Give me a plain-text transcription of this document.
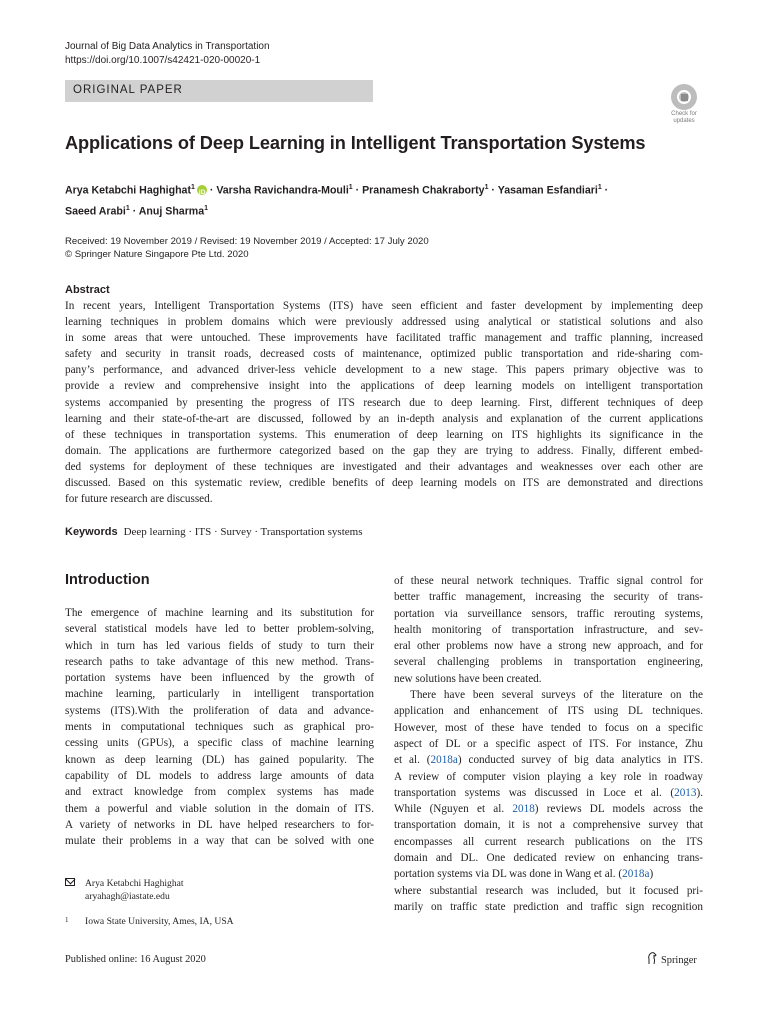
Journal of Big Data Analytics in Transportation
https://doi.org/10.1007/s42421-020-00020-1
ORIGINAL PAPER
Check for
updates
Applications of Deep Learning in Intelligent Transportation Systems
Arya Ketabchi Haghighat$^1$
iD · Varsha Ravichandra-Mouli$^1$ · Pranamesh Chakraborty$^1$ · Yasaman Esfandiari$^1$ ·
Saeed Arabi$^1$ · Anuj Sharma$^1$
Received: 19 November 2019 / Revised: 19 November 2019 / Accepted: 17 July 2020
© Springer Nature Singapore Pte Ltd. 2020
Abstract
In recent years, Intelligent Transportation Systems (ITS) have seen efficient and faster development by implementing deep
learning techniques in problem domains which were previously addressed using analytical or statistical solutions and also
in some areas that were untouched. These improvements have facilitated traffic management and traffic planning, increased
safety and security in transit roads, decreased costs of maintenance, optimized public transportation and ride-sharing com-
pany’s performance, and advanced driver-less vehicle development to a new stage. This papers primary objective was to
provide a review and comprehensive insight into the applications of deep learning models on intelligent transportation
systems accompanied by presenting the progress of ITS research due to deep learning. First, different techniques of deep
learning and their state-of-the-art are discussed, followed by an in-depth analysis and explanation of the current applications
of these techniques in transportation systems. This enumeration of deep learning on ITS highlights its significance in the
domain. The applications are furthermore categorized based on the gap they are trying to address. Finally, different embed-
ded systems for deployment of these techniques are investigated and their advantages and weaknesses over each other are
discussed. Based on this systematic review, credible benefits of deep learning models on ITS are demonstrated and directions
for future research are discussed.
Keywords Deep learning · ITS · Survey · Transportation systems
Introduction
The emergence of machine learning and its substitution for
several statistical models have led to better problem-solving,
which in turn has led various fields of study to turn their
research paths to take advantage of this new method. Trans-
portation systems have been influenced by the growth of
machine learning, particularly in intelligent transportation
systems (ITS).With the proliferation of data and advance-
ments in computational techniques such as graphical pro-
cessing units (GPUs), a specific class of machine learning
known as deep learning (DL) has gained popularity. The
capability of DL models to address large amounts of data
and extract knowledge from complex systems has made
them a powerful and viable solution in the domain of ITS.
A variety of networks in DL have helped researchers to for-
mulate their problems in a way that can be solved with one
of these neural network techniques. Traffic signal control for
better traffic management, increasing the security of trans-
portation via surveillance sensors, traffic rerouting systems,
health monitoring of transportation infrastructure, and sev-
eral other problems now have a strong new approach, and for
several challenging problems in transportation engineering,
new solutions have been created.
There have been several surveys of the literature on the
application and enhancement of ITS using DL techniques.
However, most of these have tended to focus on a specific
aspect of DL or a specific aspect of ITS. For instance, Zhu
et al. (2018a) conducted survey of big data analytics in ITS.
A review of computer vision playing a key role in roadway
transportation systems was discussed in Loce et al. (2013).
While (Nguyen et al. 2018) reviews DL models across the
transportation domain, it is not a comprehensive survey that
encompasses all current research publications on the ITS
domain and DL. One dedicated review on enhancing trans-
portation systems via DL was done in Wang et al. (2018a)
where substantial research was included, but it focused pri-
marily on traffic state prediction and traffic sign recognition
Arya Ketabchi Haghighat
aryahagh@iastate.edu
$^1$ Iowa State University, Ames, IA, USA
Published online: 16 August 2020	Springer
